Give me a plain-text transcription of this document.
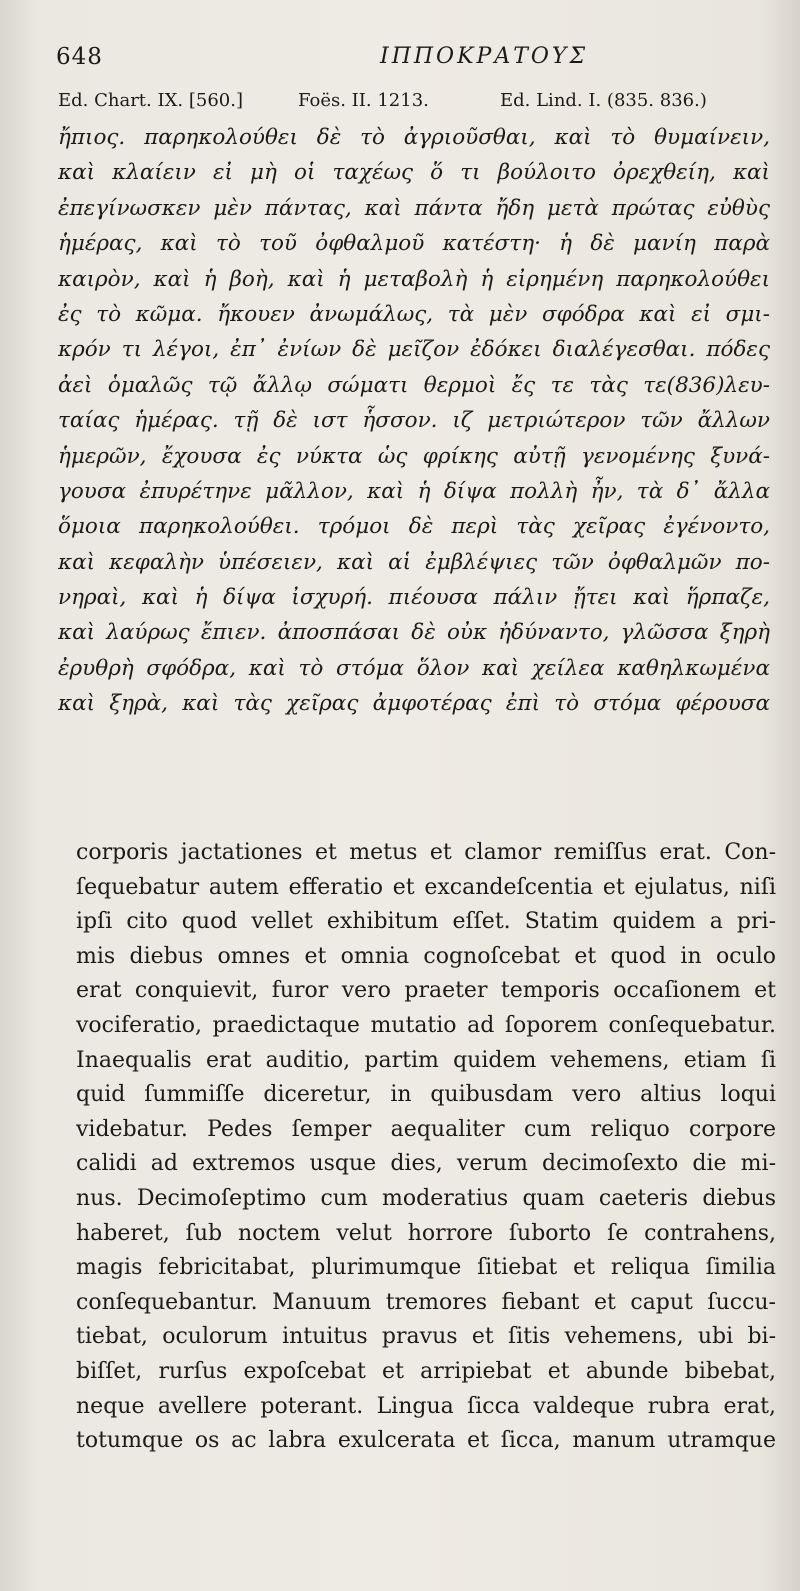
648	ΙΠΠΟΚΡΑΤΟΥΣ
Ed. Chart. IX. [560.]	Foës. II. 1213.	Ed. Lind. I. (835. 836.)
ἤπιος. παρηκολούθει δὲ τὸ ἀγριοῦσθαι, καὶ τὸ θυμαίνειν,
καὶ κλαίειν εἰ μὴ οἱ ταχέως ὅ τι βούλοιτο ὀρεχθείη, καὶ
ἐπεγίνωσκεν μὲν πάντας, καὶ πάντα ἤδη μετὰ πρώτας εὐθὺς
ἡμέρας, καὶ τὸ τοῦ ὀφθαλμοῦ κατέστη· ἡ δὲ μανίη παρὰ
καιρὸν, καὶ ἡ βοὴ, καὶ ἡ μεταβολὴ ἡ εἰρημένη παρηκολούθει
ἐς τὸ κῶμα. ἤκουεν ἀνωμάλως, τὰ μὲν σφόδρα καὶ εἰ σμι-
κρόν τι λέγοι, ἐπ᾽ ἐνίων δὲ μεῖζον ἐδόκει διαλέγεσθαι. πόδες
ἀεὶ ὁμαλῶς τῷ ἄλλῳ σώματι θερμοὶ ἔς τε τὰς τε(836)λευ-
ταίας ἡμέρας. τῇ δὲ ιστ ἧσσον. ιζ μετριώτερον τῶν ἄλλων
ἡμερῶν, ἔχουσα ἐς νύκτα ὡς φρίκης αὐτῇ γενομένης ξυνά-
γουσα ἐπυρέτηνε μᾶλλον, καὶ ἡ δίψα πολλὴ ἦν, τὰ δ᾽ ἄλλα
ὅμοια παρηκολούθει. τρόμοι δὲ περὶ τὰς χεῖρας ἐγένοντο,
καὶ κεφαλὴν ὑπέσειεν, καὶ αἱ ἐμβλέψιες τῶν ὀφθαλμῶν πο-
νηραὶ, καὶ ἡ δίψα ἰσχυρή. πιέουσα πάλιν ᾔτει καὶ ἥρπαζε,
καὶ λαύρως ἔπιεν. ἀποσπάσαι δὲ οὐκ ἠδύναντο, γλῶσσα ξηρὴ
ἐρυθρὴ σφόδρα, καὶ τὸ στόμα ὅλον καὶ χείλεα καθηλκωμένα
καὶ ξηρὰ, καὶ τὰς χεῖρας ἀμφοτέρας ἐπὶ τὸ στόμα φέρουσα
corporis jactationes et metus et clamor remiſſus erat. Con-
ſequebatur autem efferatio et excandeſcentia et ejulatus, niſi
ipſi cito quod vellet exhibitum eſſet. Statim quidem a pri-
mis diebus omnes et omnia cognoſcebat et quod in oculo
erat conquievit, furor vero praeter temporis occaſionem et
vociferatio, praedictaque mutatio ad ſoporem conſequebatur.
Inaequalis erat auditio, partim quidem vehemens, etiam ſi
quid ſummiſſe diceretur, in quibusdam vero altius loqui
videbatur. Pedes ſemper aequaliter cum reliquo corpore
calidi ad extremos usque dies, verum decimoſexto die mi-
nus. Decimoſeptimo cum moderatius quam caeteris diebus
haberet, ſub noctem velut horrore ſuborto ſe contrahens,
magis febricitabat, plurimumque ſitiebat et reliqua ſimilia
conſequebantur. Manuum tremores fiebant et caput ſuccu-
tiebat, oculorum intuitus pravus et ſitis vehemens, ubi bi-
biſſet, rurſus expoſcebat et arripiebat et abunde bibebat,
neque avellere poterant. Lingua ſicca valdeque rubra erat,
totumque os ac labra exulcerata et ſicca, manum utramque
